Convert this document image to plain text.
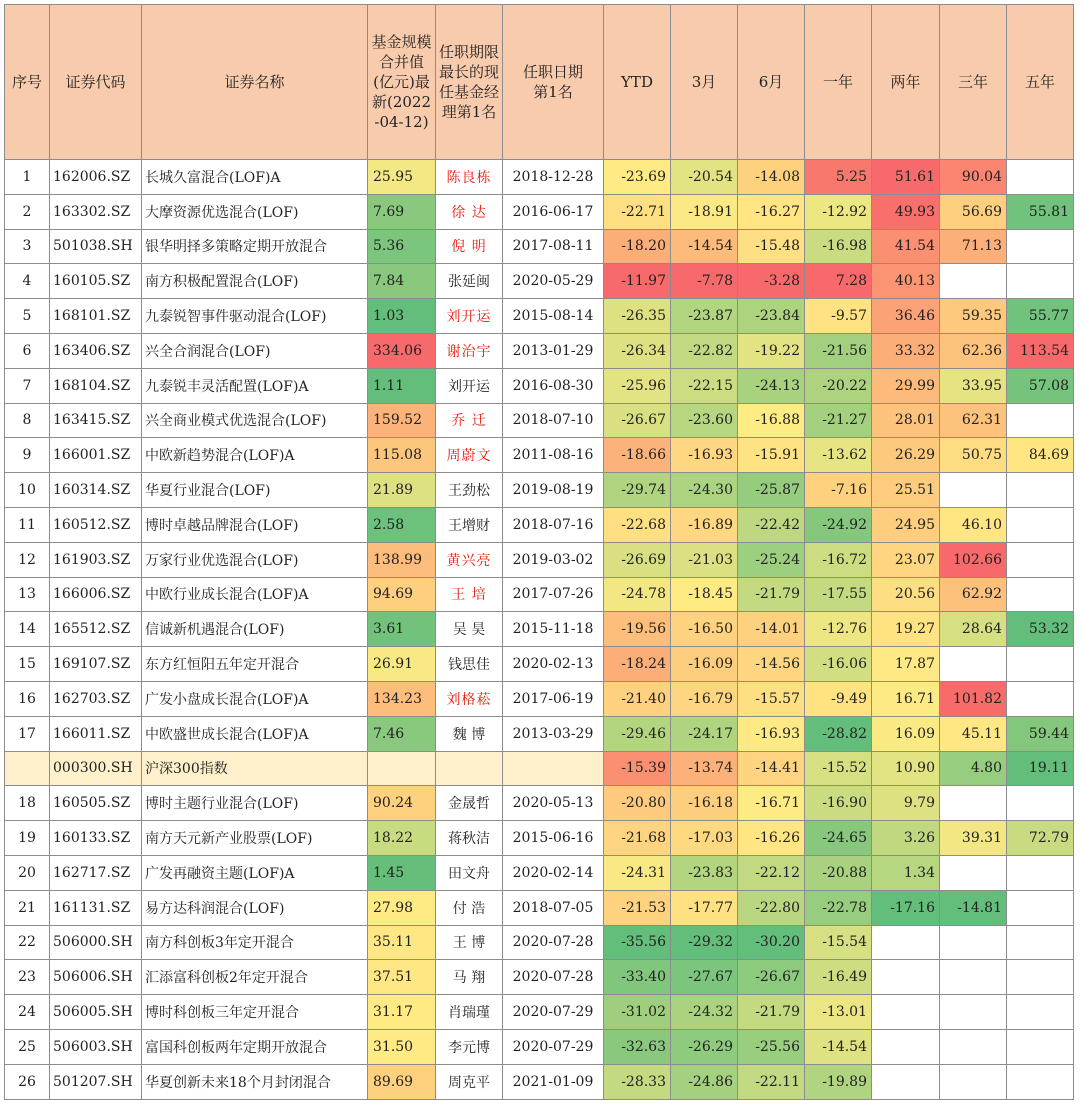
序号	证券代码	证券名称	基金规模合并值(亿元)最新(2022-04-12)	任职期限最长的现任基金经理第1名	任职日期第1名	YTD	3月	6月	一年	两年	三年	五年
1	162006.SZ	长城久富混合(LOF)A	25.95	陈良栋	2018-12-28	-23.69	-20.54	-14.08	5.25	51.61	90.04	
2	163302.SZ	大摩资源优选混合(LOF)	7.69	徐 达	2016-06-17	-22.71	-18.91	-16.27	-12.92	49.93	56.69	55.81
3	501038.SH	银华明择多策略定期开放混合	5.36	倪 明	2017-08-11	-18.20	-14.54	-15.48	-16.98	41.54	71.13	
4	160105.SZ	南方积极配置混合(LOF)	7.84	张延闽	2020-05-29	-11.97	-7.78	-3.28	7.28	40.13		
5	168101.SZ	九泰锐智事件驱动混合(LOF)	1.03	刘开运	2015-08-14	-26.35	-23.87	-23.84	-9.57	36.46	59.35	55.77
6	163406.SZ	兴全合润混合(LOF)	334.06	谢治宇	2013-01-29	-26.34	-22.82	-19.22	-21.56	33.32	62.36	113.54
7	168104.SZ	九泰锐丰灵活配置(LOF)A	1.11	刘开运	2016-08-30	-25.96	-22.15	-24.13	-20.22	29.99	33.95	57.08
8	163415.SZ	兴全商业模式优选混合(LOF)	159.52	乔 迁	2018-07-10	-26.67	-23.60	-16.88	-21.27	28.01	62.31	
9	166001.SZ	中欧新趋势混合(LOF)A	115.08	周蔚文	2011-08-16	-18.66	-16.93	-15.91	-13.62	26.29	50.75	84.69
10	160314.SZ	华夏行业混合(LOF)	21.89	王劲松	2019-08-19	-29.74	-24.30	-25.87	-7.16	25.51		
11	160512.SZ	博时卓越品牌混合(LOF)	2.58	王增财	2018-07-16	-22.68	-16.89	-22.42	-24.92	24.95	46.10	
12	161903.SZ	万家行业优选混合(LOF)	138.99	黄兴亮	2019-03-02	-26.69	-21.03	-25.24	-16.72	23.07	102.66	
13	166006.SZ	中欧行业成长混合(LOF)A	94.69	王 培	2017-07-26	-24.78	-18.45	-21.79	-17.55	20.56	62.92	
14	165512.SZ	信诚新机遇混合(LOF)	3.61	吴 昊	2015-11-18	-19.56	-16.50	-14.01	-12.76	19.27	28.64	53.32
15	169107.SZ	东方红恒阳五年定开混合	26.91	钱思佳	2020-02-13	-18.24	-16.09	-14.56	-16.06	17.87		
16	162703.SZ	广发小盘成长混合(LOF)A	134.23	刘格菘	2017-06-19	-21.40	-16.79	-15.57	-9.49	16.71	101.82	
17	166011.SZ	中欧盛世成长混合(LOF)A	7.46	魏 博	2013-03-29	-29.46	-24.17	-16.93	-28.82	16.09	45.11	59.44
	000300.SH	沪深300指数				-15.39	-13.74	-14.41	-15.52	10.90	4.80	19.11
18	160505.SZ	博时主题行业混合(LOF)	90.24	金晟哲	2020-05-13	-20.80	-16.18	-16.71	-16.90	9.79		
19	160133.SZ	南方天元新产业股票(LOF)	18.22	蒋秋洁	2015-06-16	-21.68	-17.03	-16.26	-24.65	3.26	39.31	72.79
20	162717.SZ	广发再融资主题(LOF)A	1.45	田文舟	2020-02-14	-24.31	-23.83	-22.12	-20.88	1.34		
21	161131.SZ	易方达科润混合(LOF)	27.98	付 浩	2018-07-05	-21.53	-17.77	-22.80	-22.78	-17.16	-14.81	
22	506000.SH	南方科创板3年定开混合	35.11	王 博	2020-07-28	-35.56	-29.32	-30.20	-15.54			
23	506006.SH	汇添富科创板2年定开混合	37.51	马 翔	2020-07-28	-33.40	-27.67	-26.67	-16.49			
24	506005.SH	博时科创板三年定开混合	31.17	肖瑞瑾	2020-07-29	-31.02	-24.32	-21.79	-13.01			
25	506003.SH	富国科创板两年定期开放混合	31.50	李元博	2020-07-29	-32.63	-26.29	-25.56	-14.54			
26	501207.SH	华夏创新未来18个月封闭混合	89.69	周克平	2021-01-09	-28.33	-24.86	-22.11	-19.89			
